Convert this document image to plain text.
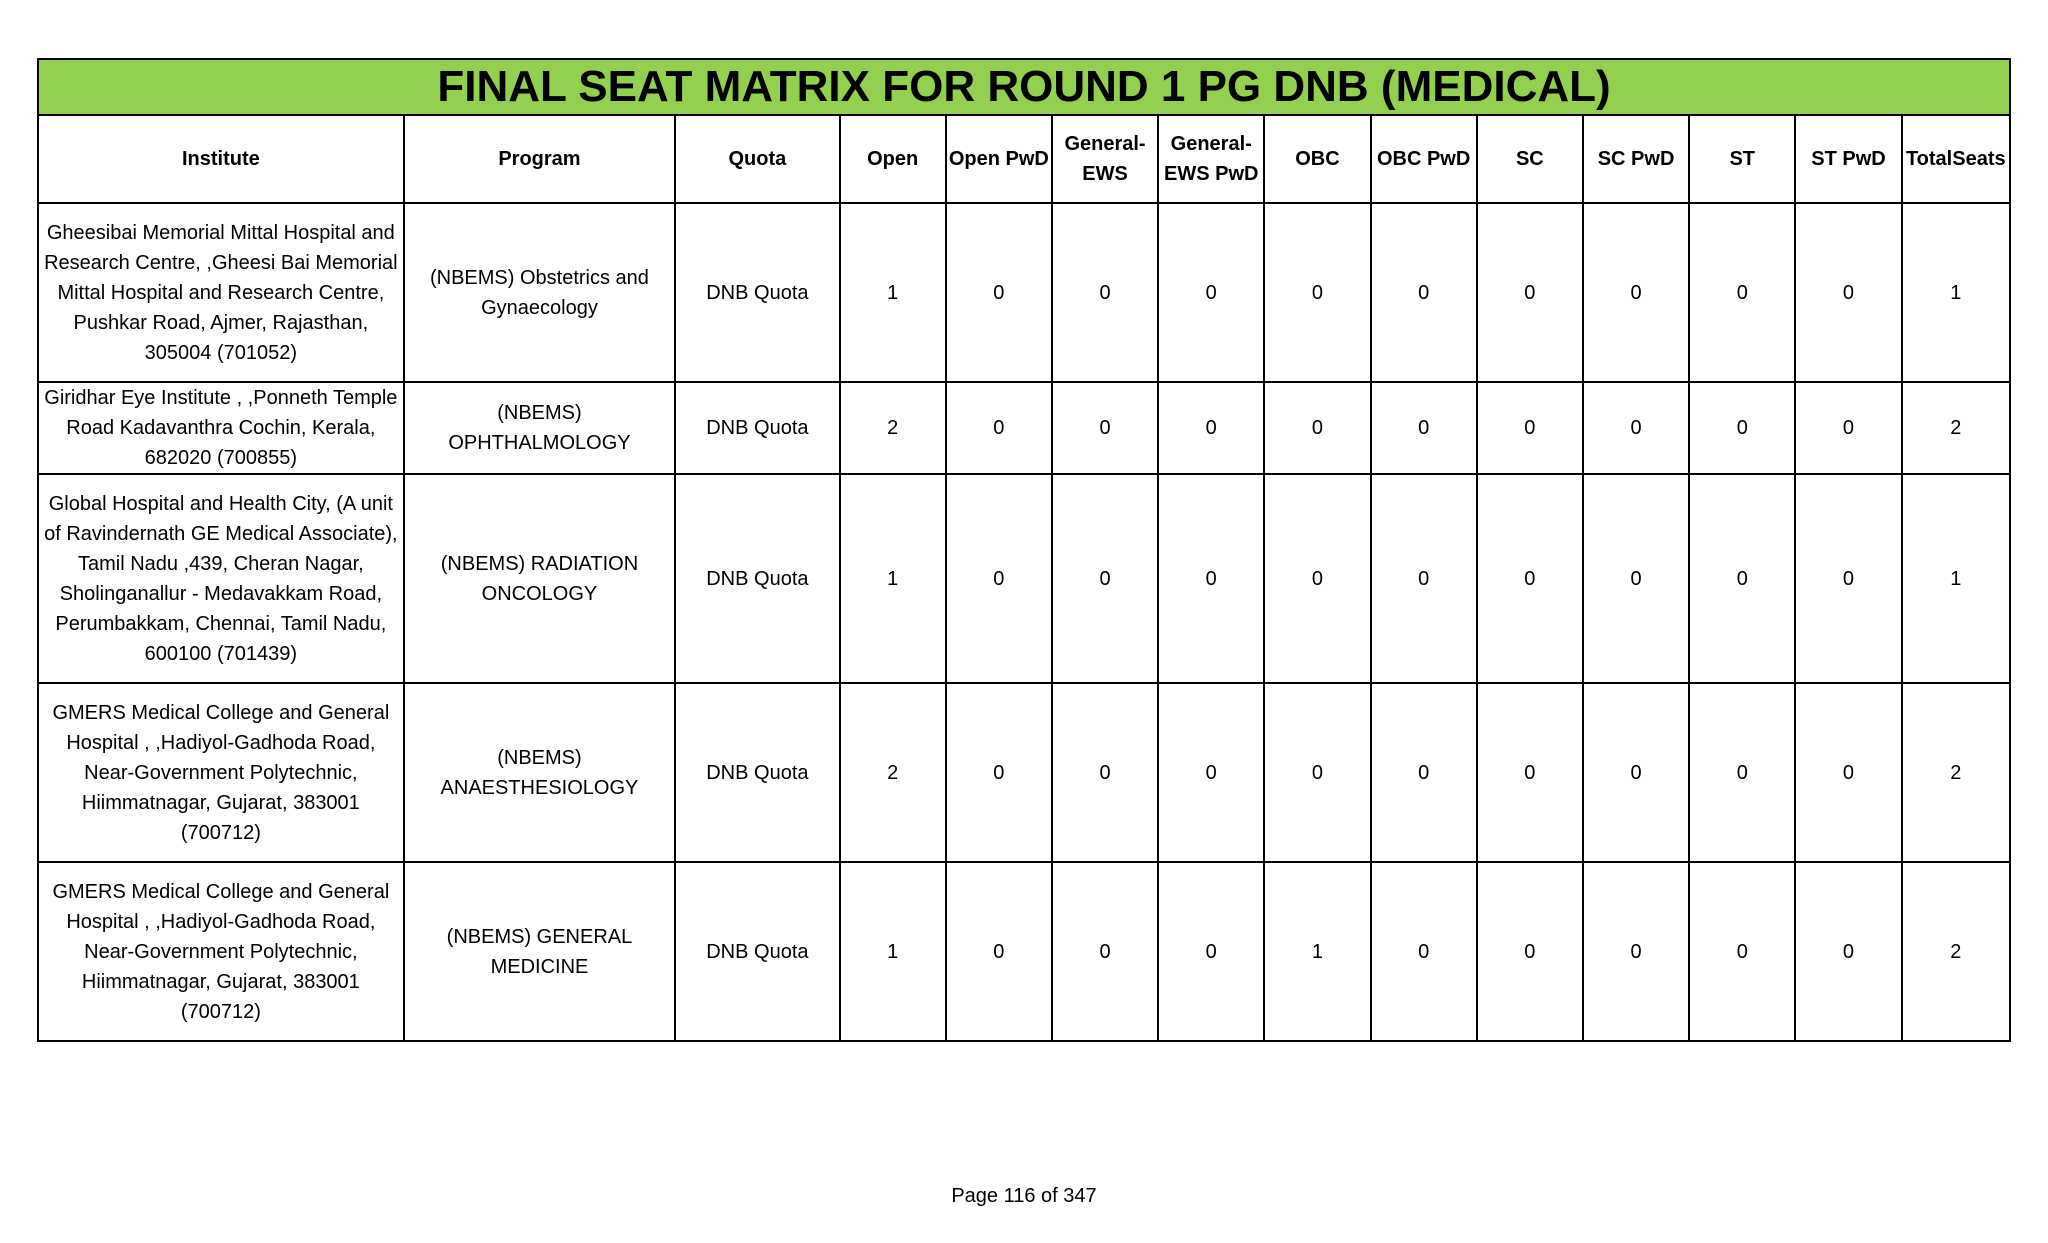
FINAL SEAT MATRIX FOR ROUND 1 PG DNB (MEDICAL)													
Institute	Program	Quota	Open	Open PwD	General-EWS	General-EWS PwD	OBC	OBC PwD	SC	SC PwD	ST	ST PwD	TotalSeats
Gheesibai Memorial Mittal Hospital and Research Centre, ,Gheesi Bai Memorial Mittal Hospital and Research Centre, Pushkar Road, Ajmer, Rajasthan, 305004 (701052)	(NBEMS) Obstetrics and Gynaecology	DNB Quota	1	0	0	0	0	0	0	0	0	0	1
Giridhar Eye Institute , ,Ponneth Temple Road Kadavanthra Cochin, Kerala, 682020 (700855)	(NBEMS) OPHTHALMOLOGY	DNB Quota	2	0	0	0	0	0	0	0	0	0	2
Global Hospital and Health City, (A unit of Ravindernath GE Medical Associate), Tamil Nadu ,439, Cheran Nagar, Sholinganallur - Medavakkam Road, Perumbakkam, Chennai, Tamil Nadu, 600100 (701439)	(NBEMS) RADIATION ONCOLOGY	DNB Quota	1	0	0	0	0	0	0	0	0	0	1
GMERS Medical College and General Hospital , ,Hadiyol-Gadhoda Road, Near-Government Polytechnic, Hiimmatnagar, Gujarat, 383001 (700712)	(NBEMS) ANAESTHESIOLOGY	DNB Quota	2	0	0	0	0	0	0	0	0	0	2
GMERS Medical College and General Hospital , ,Hadiyol-Gadhoda Road, Near-Government Polytechnic, Hiimmatnagar, Gujarat, 383001 (700712)	(NBEMS) GENERAL MEDICINE	DNB Quota	1	0	0	0	1	0	0	0	0	0	2
Page 116 of 347
